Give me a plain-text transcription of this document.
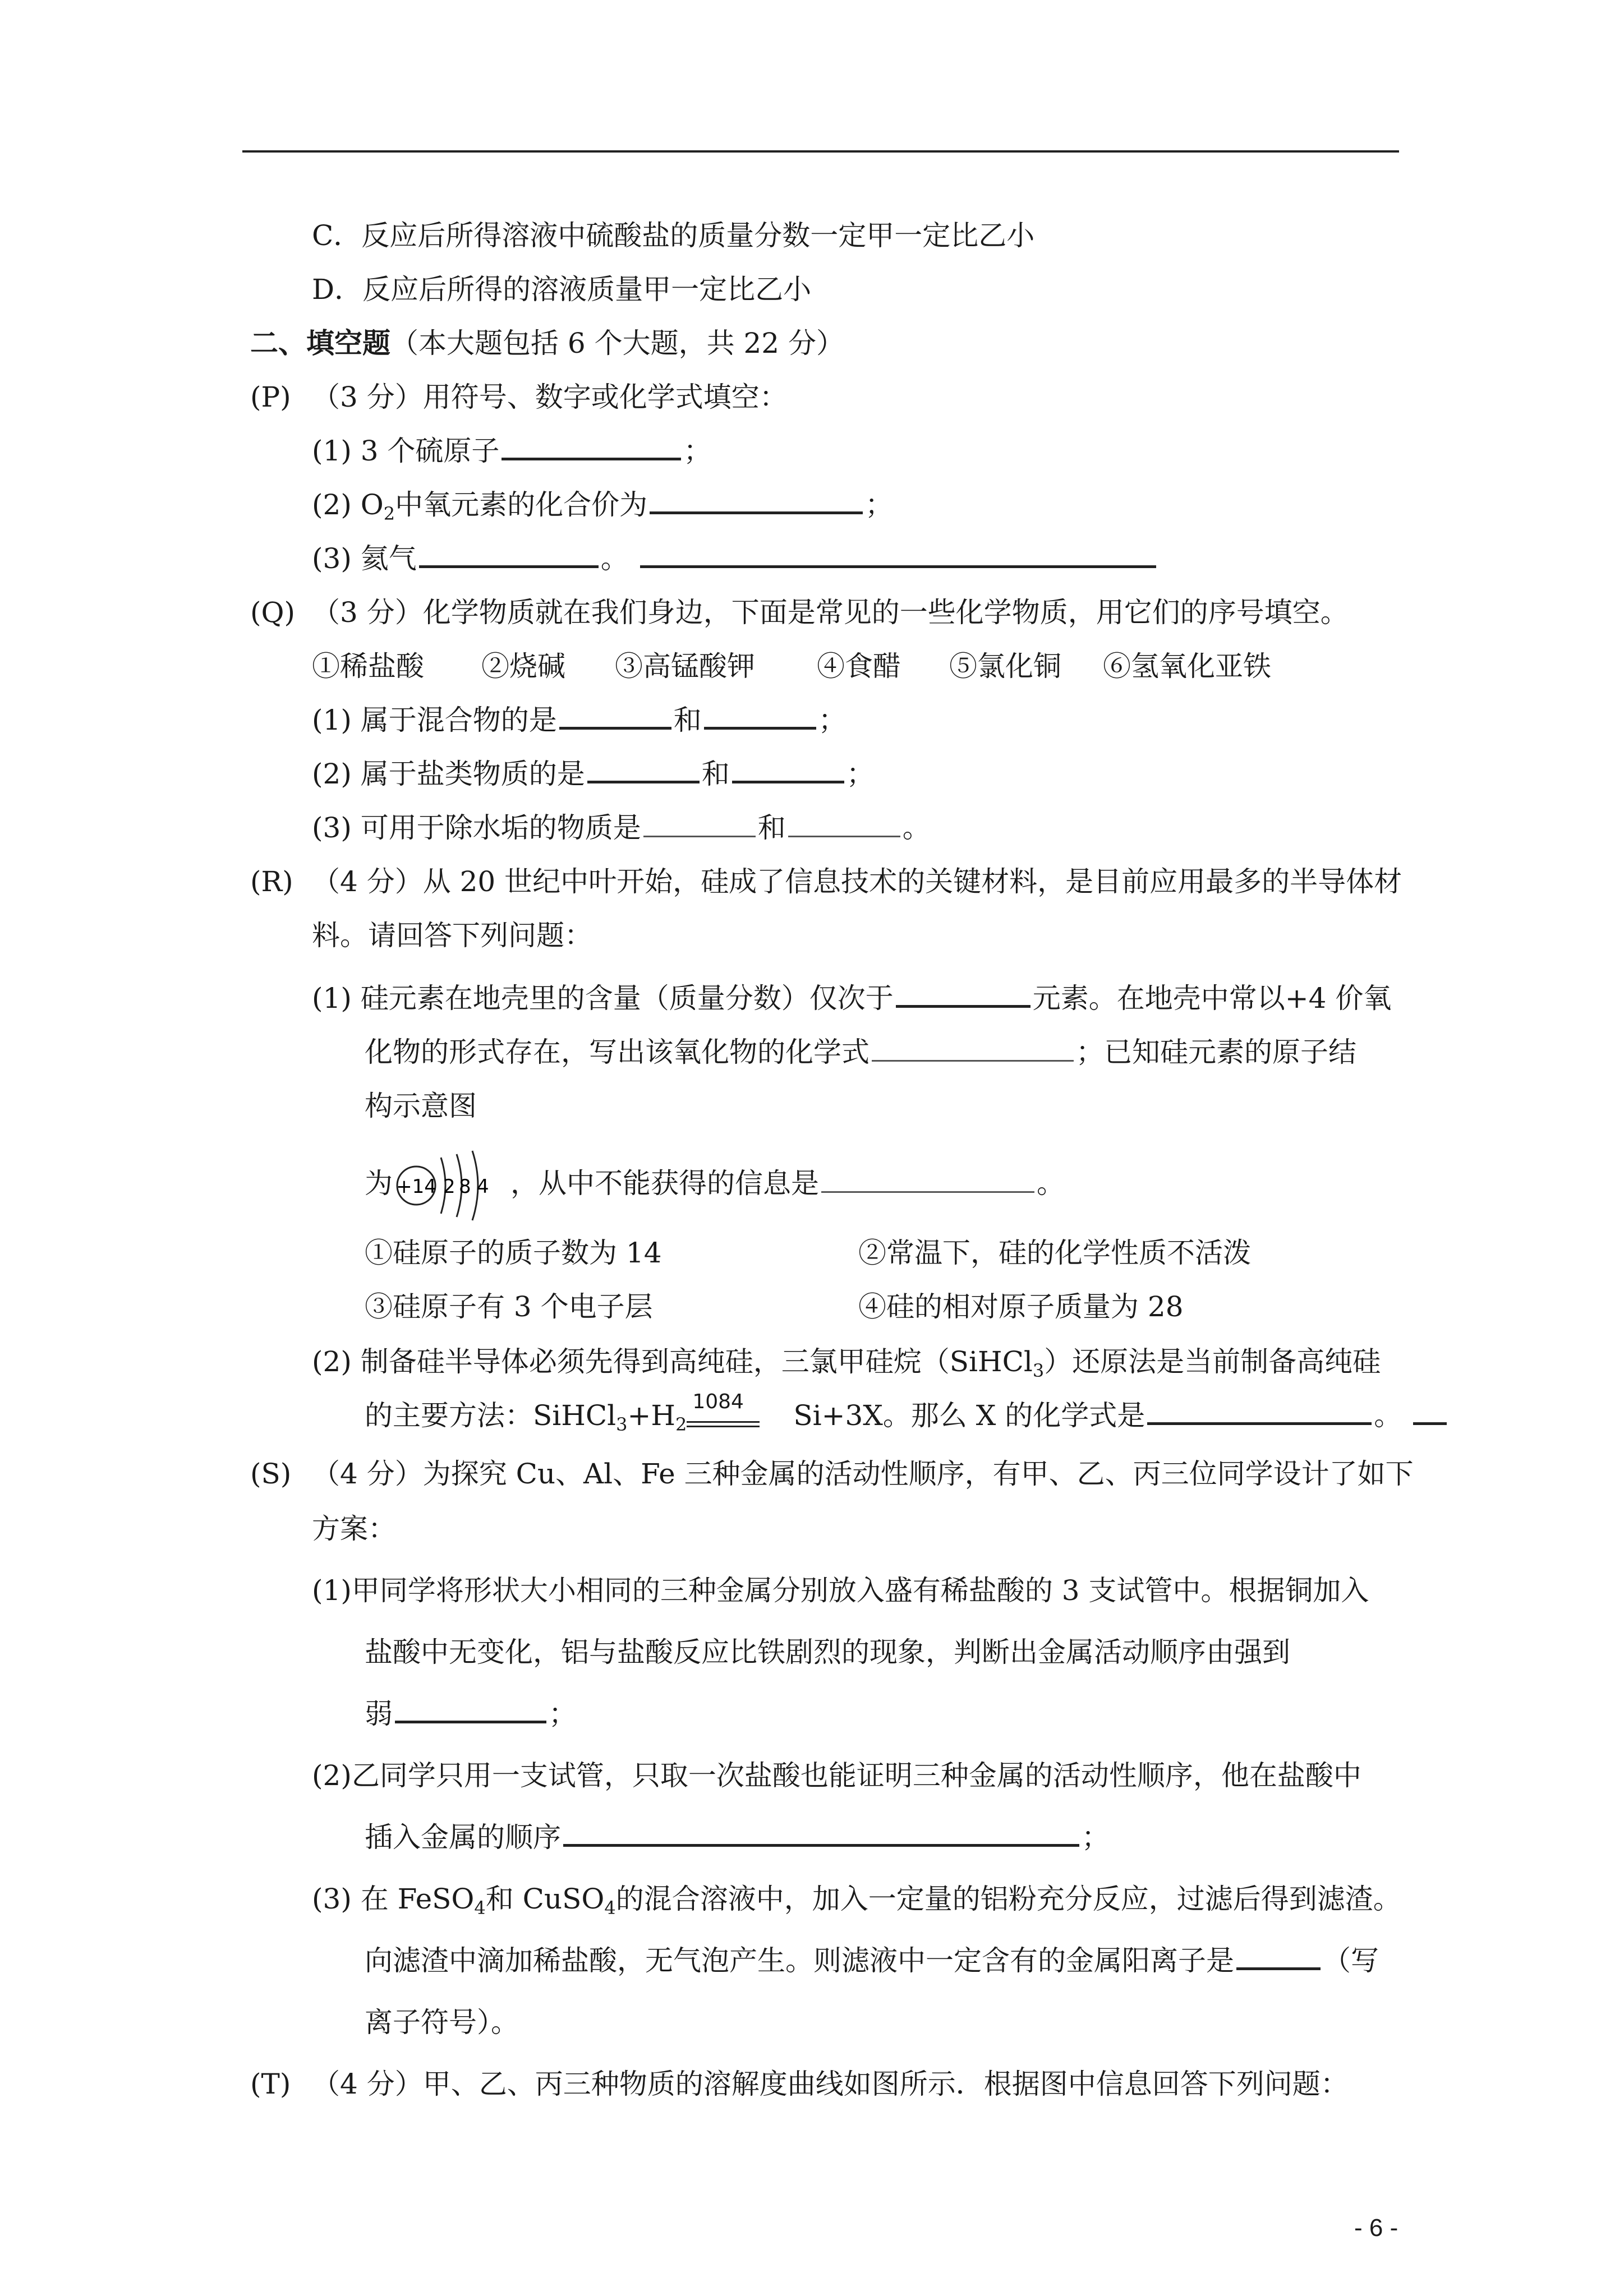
C．反应后所得溶液中硫酸盐的质量分数一定甲一定比乙小
D．反应后所得的溶液质量甲一定比乙小
二、填空题（本大题包括 6 个大题，共 22 分）
(P) （3 分）用符号、数字或化学式填空：
(1) 3 个硫原子	；
(2) $O_2$中氧元素的化合价为	；
(3) 氦气	。
(Q) （3 分）化学物质就在我们身边，下面是常见的一些化学物质，用它们的序号填空。
①稀盐酸 ②烧碱 ③高锰酸钾 ④食醋 ⑤氯化铜 ⑥氢氧化亚铁
(1) 属于混合物的是	和	；
(2) 属于盐类物质的是	和	；
(3) 可用于除水垢的物质是	和	。
(R) （4 分）从 20 世纪中叶开始，硅成了信息技术的关键材料，是目前应用最多的半导体材
料。请回答下列问题：
(1) 硅元素在地壳里的含量（质量分数）仅次于	元素。在地壳中常以+4 价氧
化物的形式存在，写出该氧化物的化学式	；已知硅元素的原子结
构示意图
为 +14 2 8 4 ，从中不能获得的信息是	。
①硅原子的质子数为 14	②常温下，硅的化学性质不活泼
③硅原子有 3 个电子层	④硅的相对原子质量为 28
(2) 制备硅半导体必须先得到高纯硅，三氯甲硅烷（SiHCl$_3$）还原法是当前制备高纯硅
的主要方法：$SiHCl_3+H_2$
1084 Si+3X。那么 X 的化学式是	。
(S) （4 分）为探究 Cu、Al、Fe 三种金属的活动性顺序，有甲、乙、丙三位同学设计了如下
方案：
(1)甲同学将形状大小相同的三种金属分别放入盛有稀盐酸的 3 支试管中。根据铜加入
盐酸中无变化，铝与盐酸反应比铁剧烈的现象，判断出金属活动顺序由强到
弱	；
(2)乙同学只用一支试管，只取一次盐酸也能证明三种金属的活动性顺序，他在盐酸中
插入金属的顺序	；
(3) 在 FeSO$_4$和 CuSO$_4$的混合溶液中，加入一定量的铝粉充分反应，过滤后得到滤渣。
向滤渣中滴加稀盐酸，无气泡产生。则滤液中一定含有的金属阳离子是	（写
离子符号）。
(T) （4 分）甲、乙、丙三种物质的溶解度曲线如图所示．根据图中信息回答下列问题：
- 6 -
